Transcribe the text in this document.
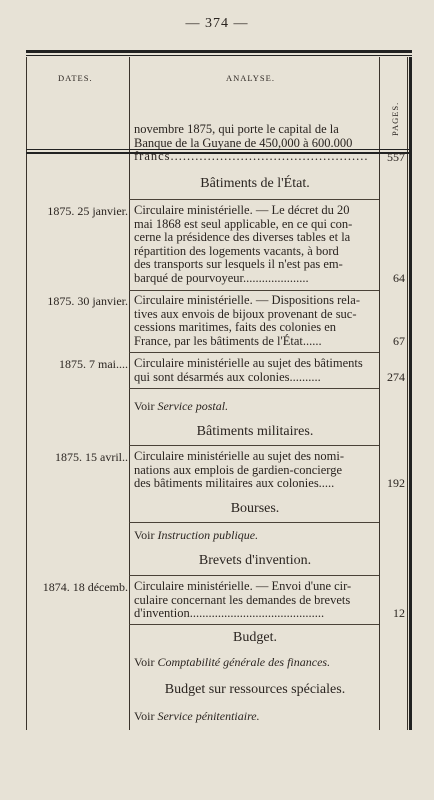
— 374 —
DATES.	ANALYSE.
PAGES.
novembre 1875, qui porte le capital de la
Banque de la Guyane de 450,000 à 600.000
francs................................................	557
Bâtiments de l'État.
1875. 25 janvier. Circulaire ministérielle. — Le décret du 20
mai 1868 est seul applicable, en ce qui con-
cerne la présidence des diverses tables et la
répartition des logements vacants, à bord
des transports sur lesquels il n'est pas em-
barqué de pourvoyeur.....................	64
1875. 30 janvier. Circulaire ministérielle. — Dispositions rela-
tives aux envois de bijoux provenant de suc-
cessions maritimes, faits des colonies en
France, par les bâtiments de l'État......	67
1875. 7 mai.... Circulaire ministérielle au sujet des bâtiments
qui sont désarmés aux colonies..........	274
Voir Service postal.
Bâtiments militaires.
1875. 15 avril.. Circulaire ministérielle au sujet des nomi-
nations aux emplois de gardien-concierge
des bâtiments militaires aux colonies.....	192
Bourses.
Voir Instruction publique.
Brevets d'invention.
1874. 18 décemb. Circulaire ministérielle. — Envoi d'une cir-
culaire concernant les demandes de brevets
d'invention...........................................	12
Budget.
Voir Comptabilité générale des finances.
Budget sur ressources spéciales.
Voir Service pénitentiaire.
